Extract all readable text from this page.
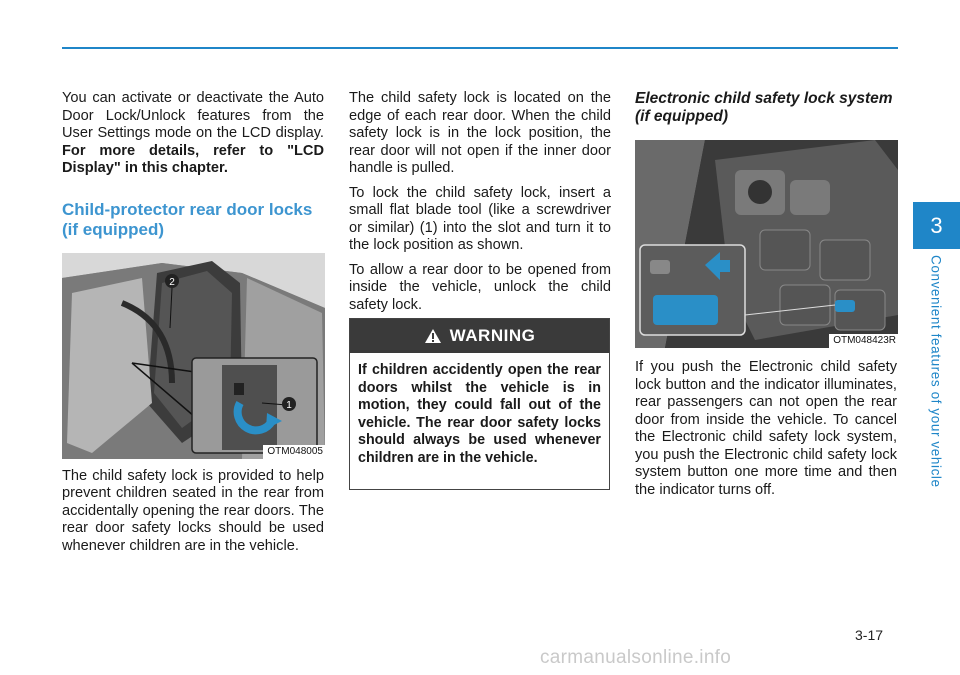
You can activate or deactivate the Auto Door Lock/Unlock features from the User Settings mode on the LCD display. For more details, refer to "LCD Display" in this chapter.

Child-protector rear door locks (if equipped)
1
2
OTM048005

The child safety lock is provided to help prevent children seated in the rear from accidentally opening the rear doors. The rear door safety locks should be used whenever children are in the vehicle.

The child safety lock is located on the edge of each rear door. When the child safety lock is in the lock position, the rear door will not open if the inner door handle is pulled.

To lock the child safety lock, insert a small flat blade tool (like a screwdriver or similar) (1) into the slot and turn it to the lock position as shown.

To allow a rear door to be opened from inside the vehicle, unlock the child safety lock.

WARNING
If children accidently open the rear doors whilst the vehicle is in motion, they could fall out of the vehicle. The rear door safety locks should always be used whenever children are in the vehicle.
Electronic child safety lock system (if equipped)
OTM048423R

If you push the Electronic child safety lock button and the indicator illuminates, rear passengers can not open the rear door from inside the vehicle. To cancel the Electronic child safety lock system, you push the Electronic child safety lock system button one more time and then the indicator turns off.

3
Convenient features of your vehicle
3-17
carmanualsonline.info
